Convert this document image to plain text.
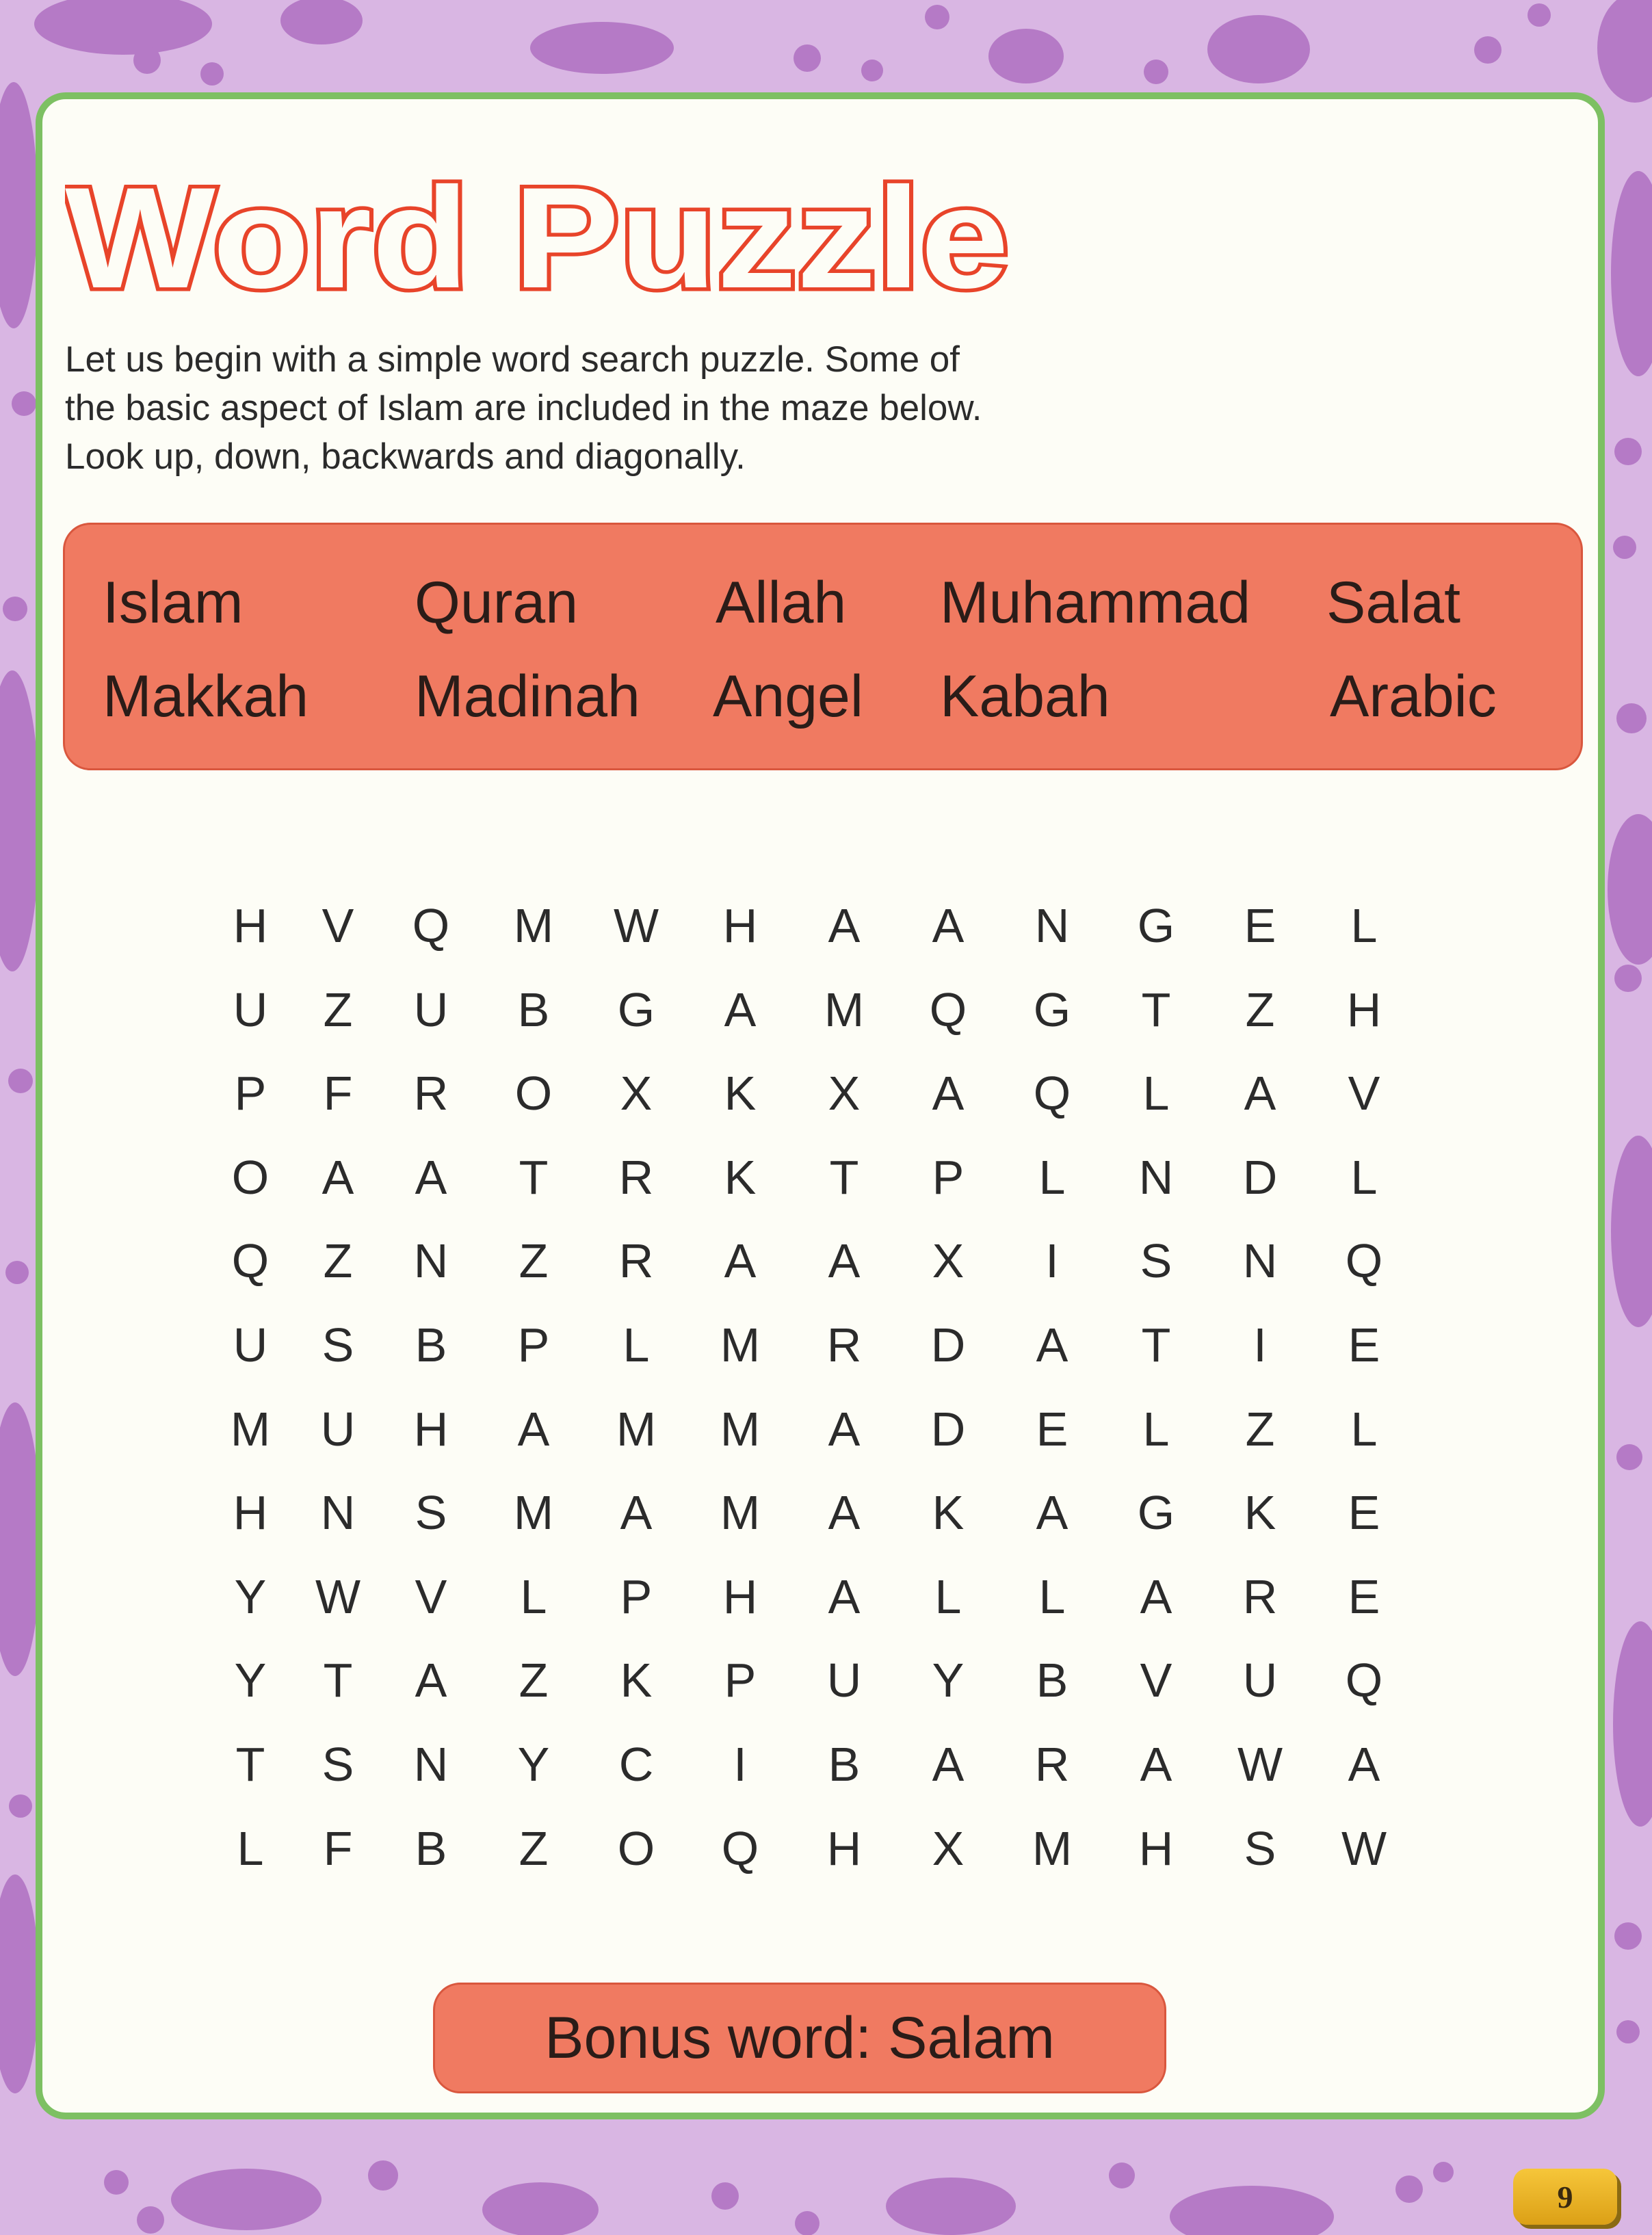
Word Puzzle

Let us begin with a simple word search puzzle. Some of
the basic aspect of Islam are included in the maze below.
Look up, down, backwards and diagonally.

Islam	Quran Allah Muhammad Salat
Makkah Madinah Angel Kabah	Arabic
H	V	Q	M	W	H	A	A	N	G	E	L
U	Z	U	B	G	A	M	Q	G	T	Z	H
P	F	R	O	X	K	X	A	Q	L	A	V
O	A	A	T	R	K	T	P	L	N	D	L
Q	Z	N	Z	R	A	A	X	I	S	N	Q
U	S	B	P	L	M	R	D	A	T	I	E
M	U	H	A	M	M	A	D	E	L	Z	L
H	N	S	M	A	M	A	K	A	G	K	E
Y	W	V	L	P	H	A	L	L	A	R	E
Y	T	A	Z	K	P	U	Y	B	V	U	Q
T	S	N	Y	C	I	B	A	R	A	W	A
L	F	B	Z	O	Q	H	X	M	H	S	W
Bonus word: Salam
9
